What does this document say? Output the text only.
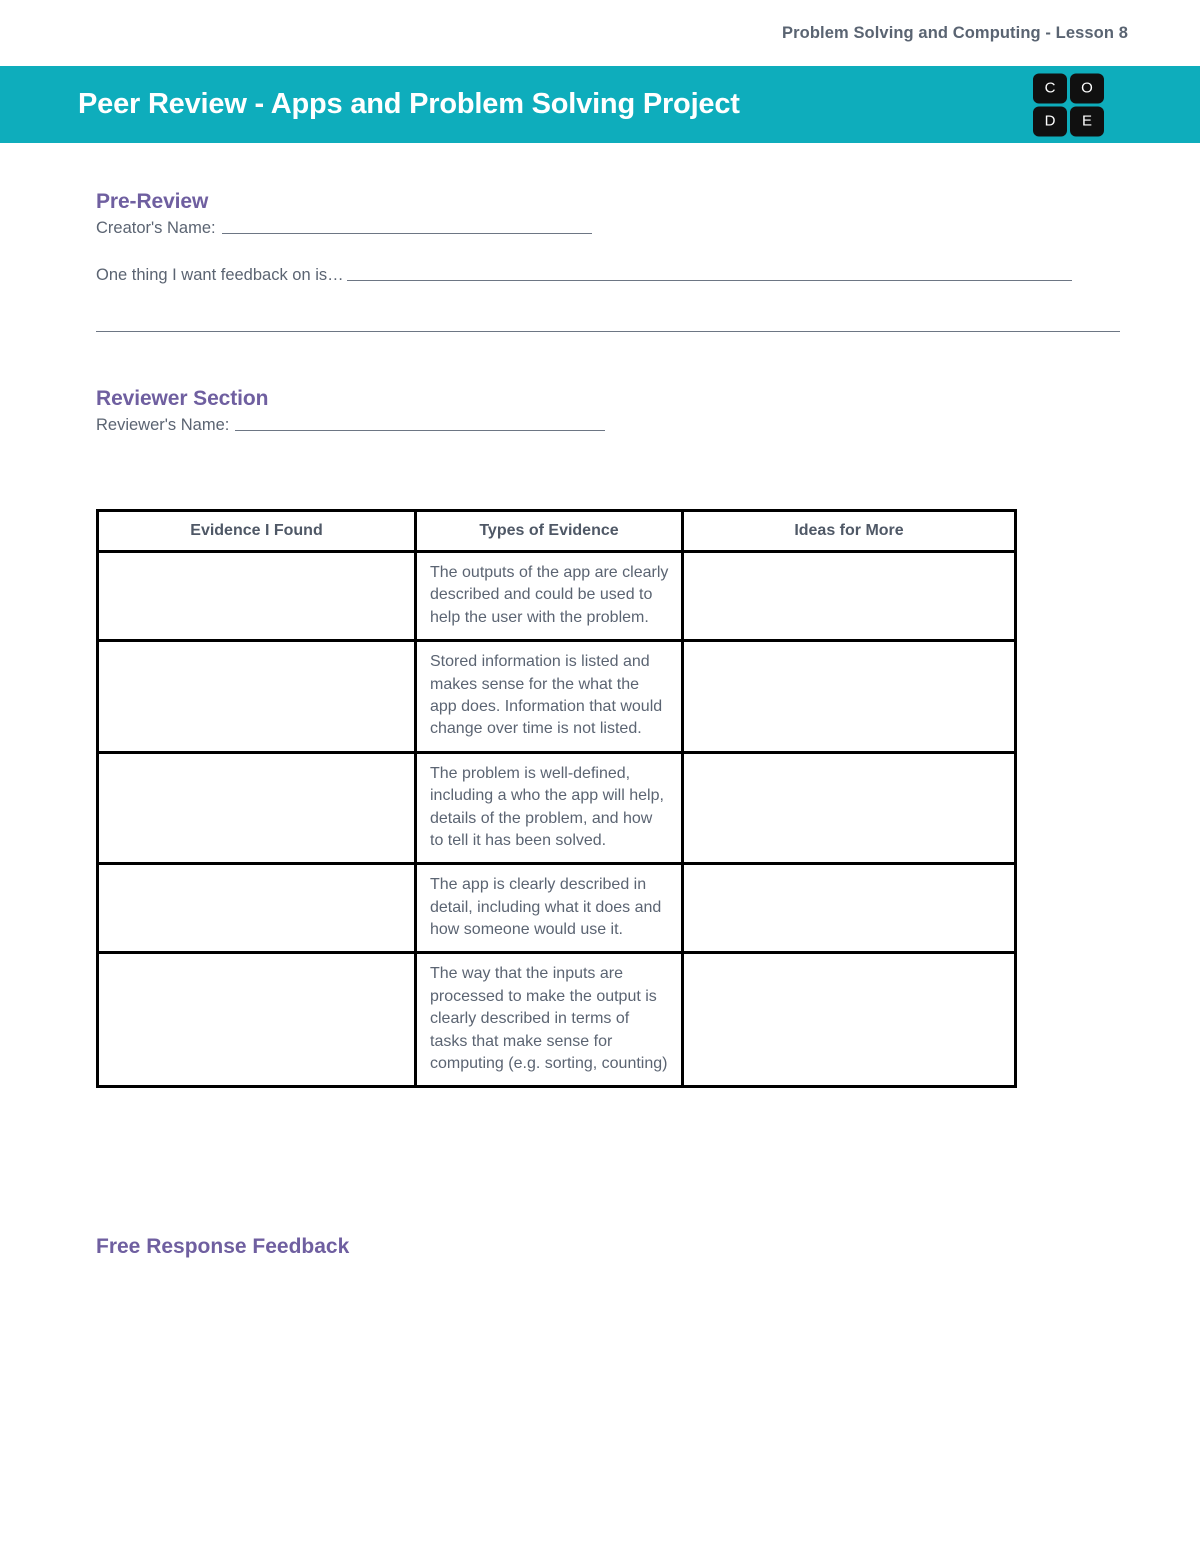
Problem Solving and Computing - Lesson 8
Peer Review - Apps and Problem Solving Project	C	O
D	E
Pre-Review
Creator's Name:
One thing I want feedback on is…
Reviewer Section
Reviewer's Name:
Evidence I Found	Types of Evidence	Ideas for More
	The outputs of the app are clearly described and could be used to help the user with the problem.	
	Stored information is listed and makes sense for the what the app does. Information that would change over time is not listed.	
	The problem is well-defined, including a who the app will help, details of the problem, and how to tell it has been solved.	
	The app is clearly described in detail, including what it does and how someone would use it.	
	The way that the inputs are processed to make the output is clearly described in terms of tasks that make sense for computing (e.g. sorting, counting)	
Free Response Feedback
